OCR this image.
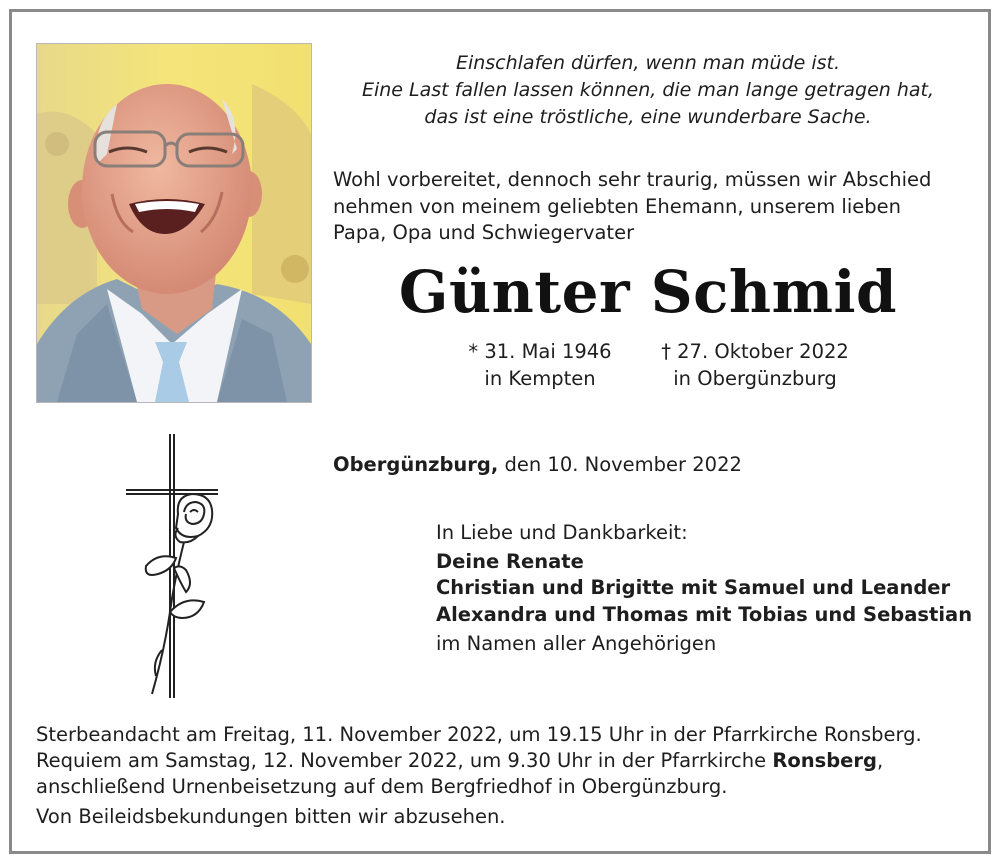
Einschlafen dürfen, wenn man müde ist.
Eine Last fallen lassen können, die man lange getragen hat,
das ist eine tröstliche, eine wunderbare Sache.
Wohl vorbereitet, dennoch sehr traurig, müssen wir Abschied
nehmen von meinem geliebten Ehemann, unserem lieben
Papa, Opa und Schwiegervater
Günter Schmid
* 31. Mai 1946
in Kempten
† 27. Oktober 2022
in Obergünzburg
Obergünzburg, den 10. November 2022
In Liebe und Dankbarkeit:
Deine Renate
Christian und Brigitte mit Samuel und Leander
Alexandra und Thomas mit Tobias und Sebastian
im Namen aller Angehörigen
Sterbeandacht am Freitag, 11. November 2022, um 19.15 Uhr in der Pfarrkirche Ronsberg.
Requiem am Samstag, 12. November 2022, um 9.30 Uhr in der Pfarrkirche Ronsberg,
anschließend Urnenbeisetzung auf dem Bergfriedhof in Obergünzburg.
Von Beileidsbekundungen bitten wir abzusehen.
